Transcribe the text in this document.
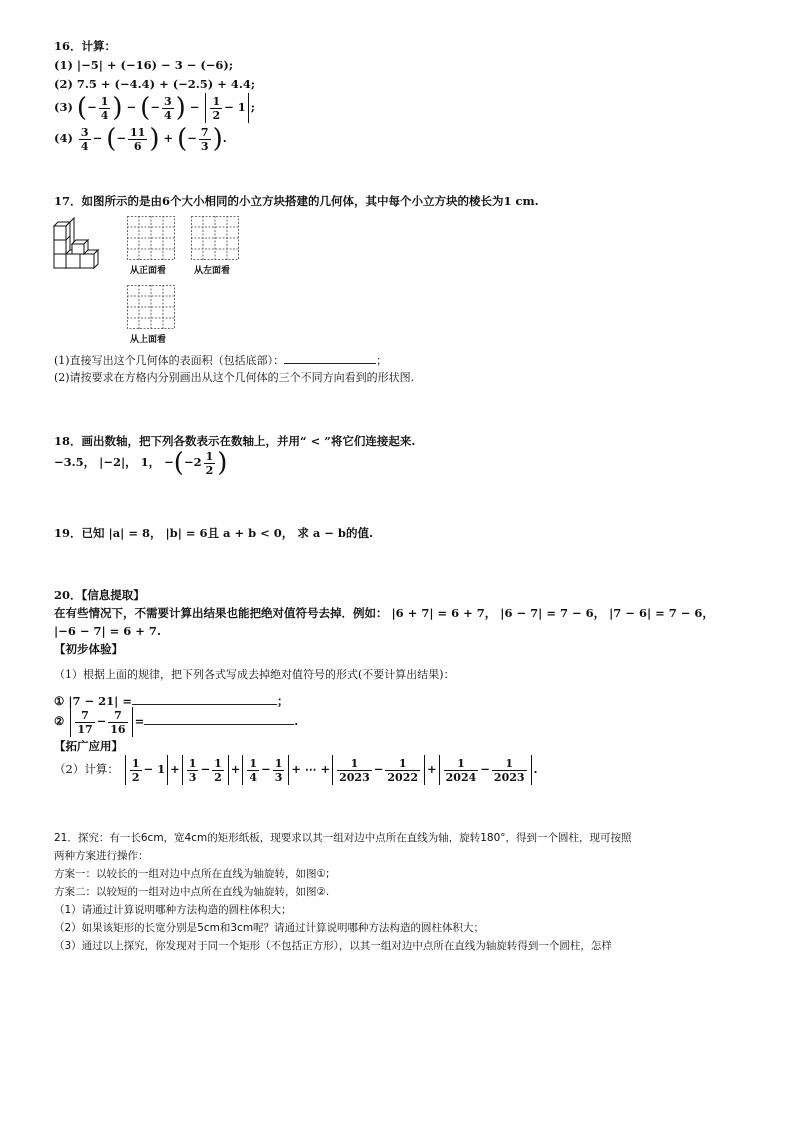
16．计算：
(1) |−5| + (−16) − 3 − (−6);
(2) 7.5 + (−4.4) + (−2.5) + 4.4;
(3) (− $\frac{1}{4}$ ) − (− $\frac{3}{4}$ ) − $\frac{1}{2} - 1$ ;
$(4) \frac{3}{4}$ − (− $\frac{11}{6}$ ) + (− $\frac{7}{3}$ ).
17．如图所示的是由6个大小相同的小立方块搭建的几何体，其中每个小立方块的棱长为1 cm.
从正面看	从左面看
从上面看
(1)直接写出这个几何体的表面积（包括底部）：	；
(2)请按要求在方格内分别画出从这个几何体的三个不同方向看到的形状图.
18．画出数轴，把下列各数表示在数轴上，并用“ < ”将它们连接起来.
−3.5， |−2|， 1， $-(-2 \frac{1}{2}$ )
19．已知 |a| = 8， |b| = 6且 a + b < 0， 求 a − b的值.
20．【信息提取】
在有些情况下，不需要计算出结果也能把绝对值符号去掉．例如： |6 + 7| = 6 + 7， |6 − 7| = 7 − 6， |7 − 6| = 7 − 6，
|−6 − 7| = 6 + 7.
【初步体验】
（1）根据上面的规律，把下列各式写成去掉绝对值符号的形式(不要计算出结果)：
① |7 − 21| =	；
② $\frac{7}{17} - \frac{7}{16}$ =	.
【拓广应用】
（2）计算： $\frac{1}{2} - 1 + \frac{1}{3} - \frac{1}{2} + \frac{1}{4} - \frac{1}{3}$ + ⋯ + $\frac{1}{2023} - \frac{1}{2022} + \frac{1}{2024} - \frac{1}{2023}$ .
21．探究：有一长6cm，宽4cm的矩形纸板，现要求以其一组对边中点所在直线为轴，旋转180°，得到一个圆柱，现可按照
两种方案进行操作：
方案一：以较长的一组对边中点所在直线为轴旋转，如图①;
方案二：以较短的一组对边中点所在直线为轴旋转，如图②.
（1）请通过计算说明哪种方法构造的圆柱体积大；
（2）如果该矩形的长宽分别是5cm和3cm呢？请通过计算说明哪种方法构造的圆柱体积大；
（3）通过以上探究，你发现对于同一个矩形（不包括正方形），以其一组对边中点所在直线为轴旋转得到一个圆柱，怎样
